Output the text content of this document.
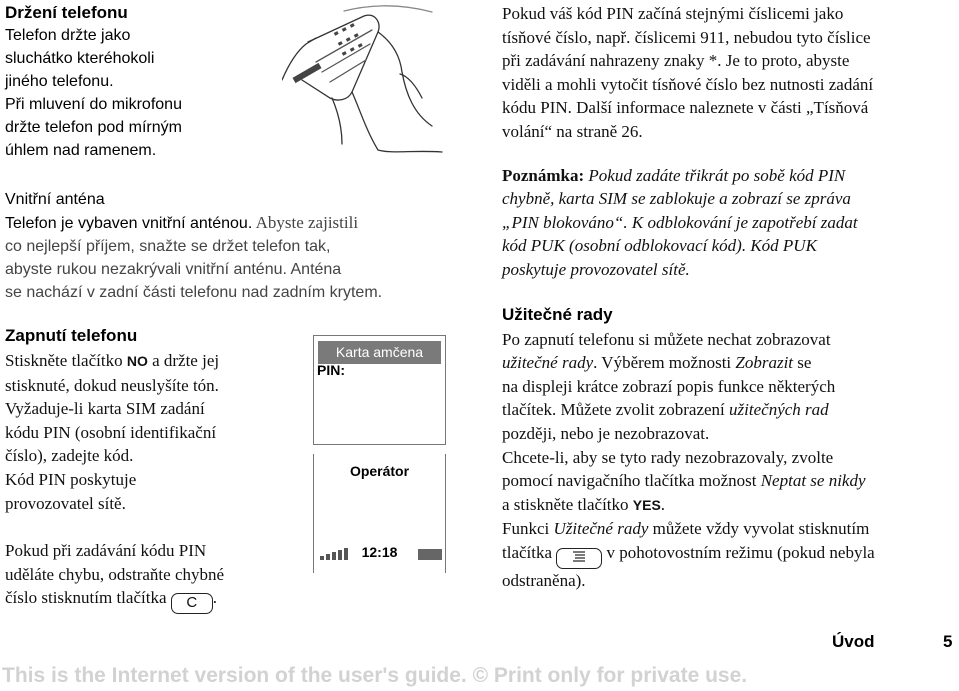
Držení telefonu

Telefon držte jako

sluchátko kteréhokoli

jiného telefonu.

Při mluvení do mikrofonu

držte telefon pod mírným

úhlem nad ramenem.

Vnitřní anténa

Telefon je vybaven vnitřní anténou. Abyste zajistili

co nejlepší příjem, snažte se držet telefon tak,

abyste rukou nezakrývali vnitřní anténu. Anténa

se nachází v zadní části telefonu nad zadním krytem.

Zapnutí telefonu

Stiskněte tlačítko NO a držte jej

stisknuté, dokud neuslyšíte tón.

Vyžaduje-li karta SIM zadání

kódu PIN (osobní identifikační

číslo), zadejte kód.

Kód PIN poskytuje

provozovatel sítě.

Pokud při zadávání kódu PIN

uděláte chybu, odstraňte chybné

číslo stisknutím tlačítka C .

Karta amčena
PIN:
Operátor
12:18

Pokud váš kód PIN začíná stejnými číslicemi jako

tísňové číslo, např. číslicemi 911, nebudou tyto číslice

při zadávání nahrazeny znaky *. Je to proto, abyste

viděli a mohli vytočit tísňové číslo bez nutnosti zadání

kódu PIN. Další informace naleznete v části „Tísňová

volání“ na straně 26.

Poznámka: Pokud zadáte třikrát po sobě kód PIN

chybně, karta SIM se zablokuje a zobrazí se zpráva

„PIN blokováno“. K odblokování je zapotřebí zadat

kód PUK (osobní odblokovací kód). Kód PUK

poskytuje provozovatel sítě.

Užitečné rady

Po zapnutí telefonu si můžete nechat zobrazovat

užitečné rady. Výběrem možnosti Zobrazit se

na displeji krátce zobrazí popis funkce některých

tlačítek. Můžete zvolit zobrazení užitečných rad

později, nebo je nezobrazovat.

Chcete-li, aby se tyto rady nezobrazovaly, zvolte

pomocí navigačního tlačítka možnost Neptat se nikdy

a stiskněte tlačítko YES.

Funkci Užitečné rady můžete vždy vyvolat stisknutím

tlačítka	v pohotovostním režimu (pokud nebyla

odstraněna).

Úvod	5
This is the Internet version of the user's guide. © Print only for private use.
